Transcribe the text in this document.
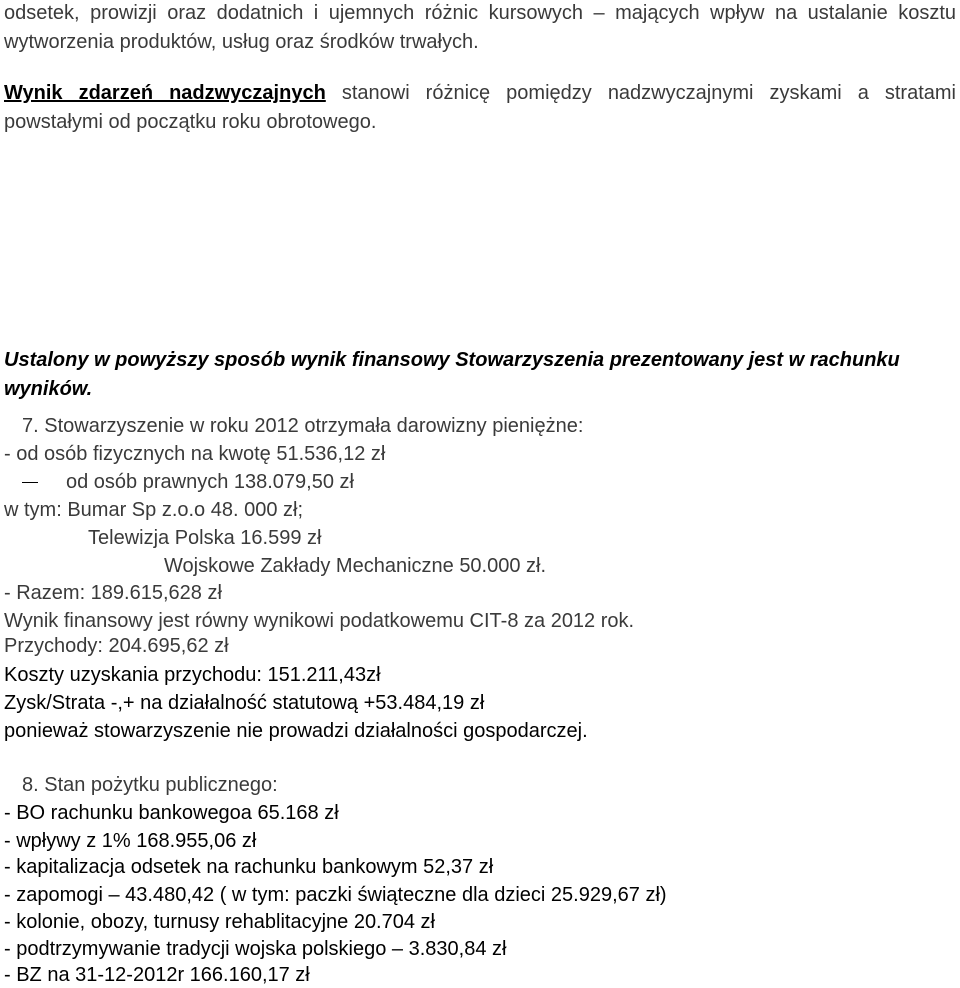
odsetek, prowizji oraz dodatnich i ujemnych różnic kursowych – mających wpływ na ustalanie kosztu wytworzenia produktów, usług oraz środków trwałych.

Wynik zdarzeń nadzwyczajnych stanowi różnicę pomiędzy nadzwyczajnymi zyskami a stratami powstałymi od początku roku obrotowego.

Ustalony w powyższy sposób wynik finansowy Stowarzyszenia prezentowany jest w rachunku wyników.

7. Stowarzyszenie w roku 2012 otrzymała darowizny pieniężne:
- od osób fizycznych na kwotę 51.536,12 zł
od osób prawnych 138.079,50 zł
w tym: Bumar Sp z.o.o 48. 000 zł;
Telewizja Polska 16.599 zł
Wojskowe Zakłady Mechaniczne 50.000 zł.
- Razem: 189.615,628 zł
Wynik finansowy jest równy wynikowi podatkowemu CIT-8 za 2012 rok.
Przychody: 204.695,62 zł
Koszty uzyskania przychodu: 151.211,43zł
Zysk/Strata -,+ na działalność statutową +53.484,19 zł
ponieważ stowarzyszenie nie prowadzi działalności gospodarczej.
8. Stan pożytku publicznego:
- BO rachunku bankowegoa 65.168 zł
- wpływy z 1% 168.955,06 zł
- kapitalizacja odsetek na rachunku bankowym 52,37 zł
- zapomogi – 43.480,42 ( w tym: paczki świąteczne dla dzieci 25.929,67 zł)
- kolonie, obozy, turnusy rehablitacyjne 20.704 zł
- podtrzymywanie tradycji wojska polskiego – 3.830,84 zł
- BZ na 31-12-2012r 166.160,17 zł
